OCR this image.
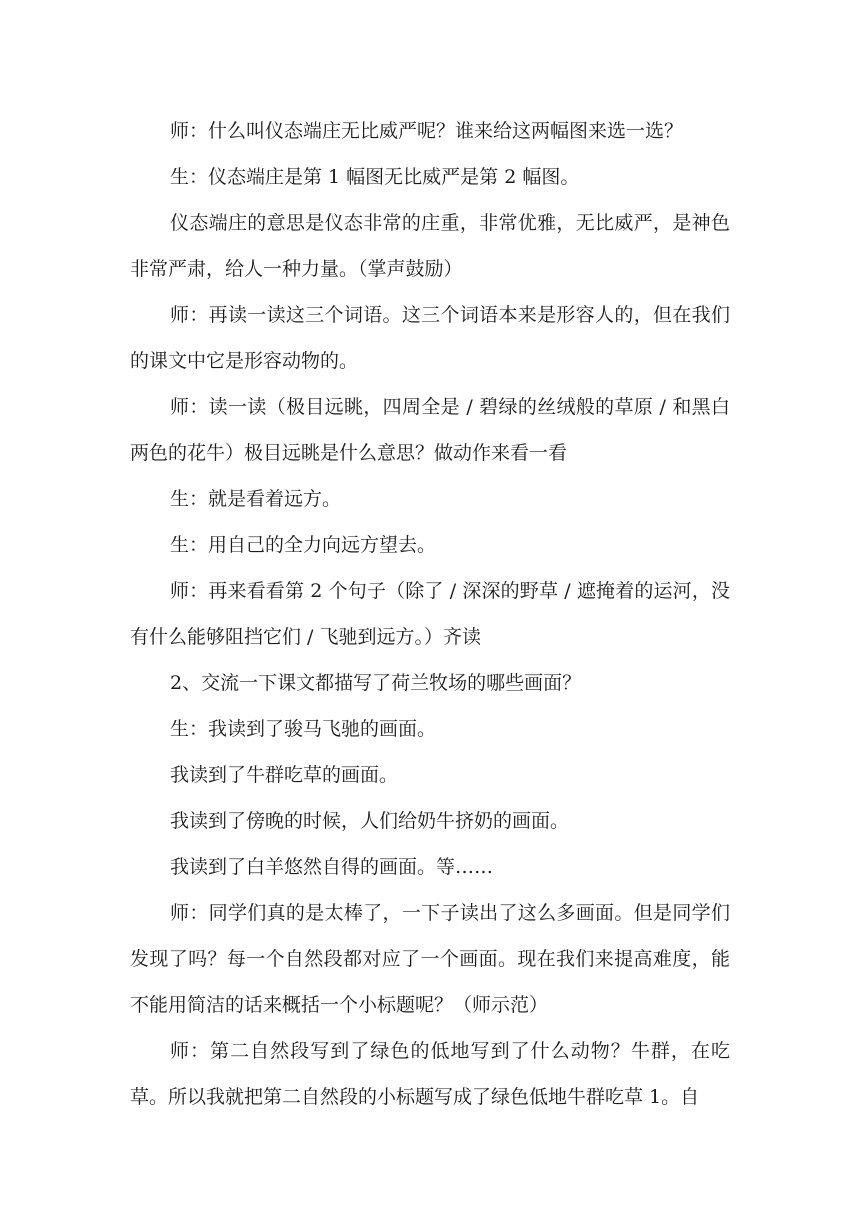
师：什么叫仪态端庄无比威严呢？谁来给这两幅图来选一选？

生：仪态端庄是第 1 幅图无比威严是第 2 幅图。

仪态端庄的意思是仪态非常的庄重，非常优雅，无比威严，是神色非常严肃，给人一种力量。（掌声鼓励）

师：再读一读这三个词语。这三个词语本来是形容人的，但在我们的课文中它是形容动物的。

师：读一读（极目远眺，四周全是 / 碧绿的丝绒般的草原 / 和黑白两色的花牛）极目远眺是什么意思？做动作来看一看

生：就是看着远方。

生：用自己的全力向远方望去。

师：再来看看第 2 个句子（除了 / 深深的野草 / 遮掩着的运河，没有什么能够阻挡它们 / 飞驰到远方。）齐读

2、交流一下课文都描写了荷兰牧场的哪些画面？

生：我读到了骏马飞驰的画面。

我读到了牛群吃草的画面。

我读到了傍晚的时候，人们给奶牛挤奶的画面。

我读到了白羊悠然自得的画面。等……

师：同学们真的是太棒了，一下子读出了这么多画面。但是同学们发现了吗？每一个自然段都对应了一个画面。现在我们来提高难度，能不能用简洁的话来概括一个小标题呢？（师示范）

师：第二自然段写到了绿色的低地写到了什么动物？牛群，在吃草。所以我就把第二自然段的小标题写成了绿色低地牛群吃草 1。自
